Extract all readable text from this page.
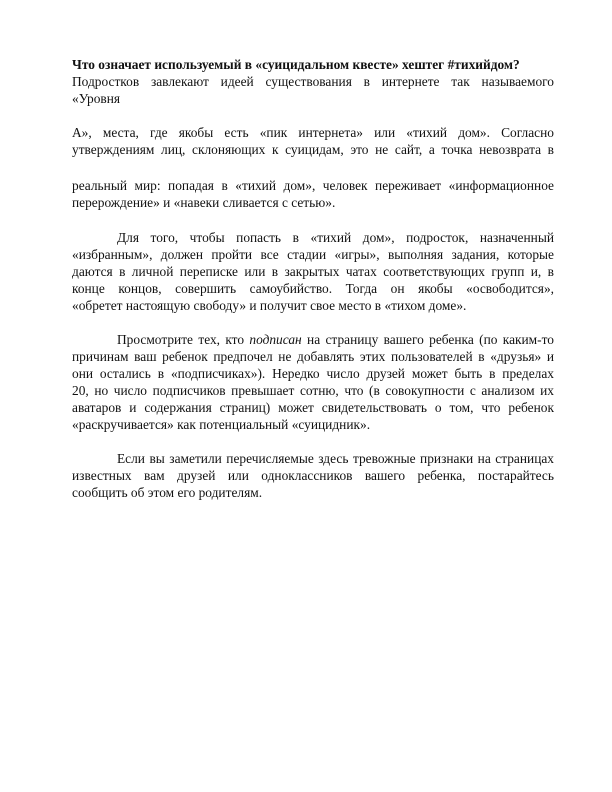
Что означает используемый в «суицидальном квесте» хештег #тихийдом?
Подростков завлекают идеей существования в интернете так называемого
«Уровня
А», места, где якобы есть «пик интернета» или «тихий дом». Согласно
утверждениям лиц, склоняющих к суицидам, это не сайт, а точка невозврата в
реальный мир: попадая в «тихий дом», человек переживает «информационное
перерождение» и «навеки сливается с сетью».
Для того, чтобы попасть в «тихий дом», подросток, назначенный
«избранным», должен пройти все стадии «игры», выполняя задания, которые
даются в личной переписке или в закрытых чатах соответствующих групп и, в
конце концов, совершить самоубийство. Тогда он якобы «освободится»,
«обретет настоящую свободу» и получит свое место в «тихом доме».
Просмотрите тех, кто подписан на страницу вашего ребенка (по каким-то
причинам ваш ребенок предпочел не добавлять этих пользователей в «друзья» и
они остались в «подписчиках»). Нередко число друзей может быть в пределах
20, но число подписчиков превышает сотню, что (в совокупности с анализом их
аватаров и содержания страниц) может свидетельствовать о том, что ребенок
«раскручивается» как потенциальный «суицидник».
Если вы заметили перечисляемые здесь тревожные признаки на страницах
известных вам друзей или одноклассников вашего ребенка, постарайтесь
сообщить об этом его родителям.
